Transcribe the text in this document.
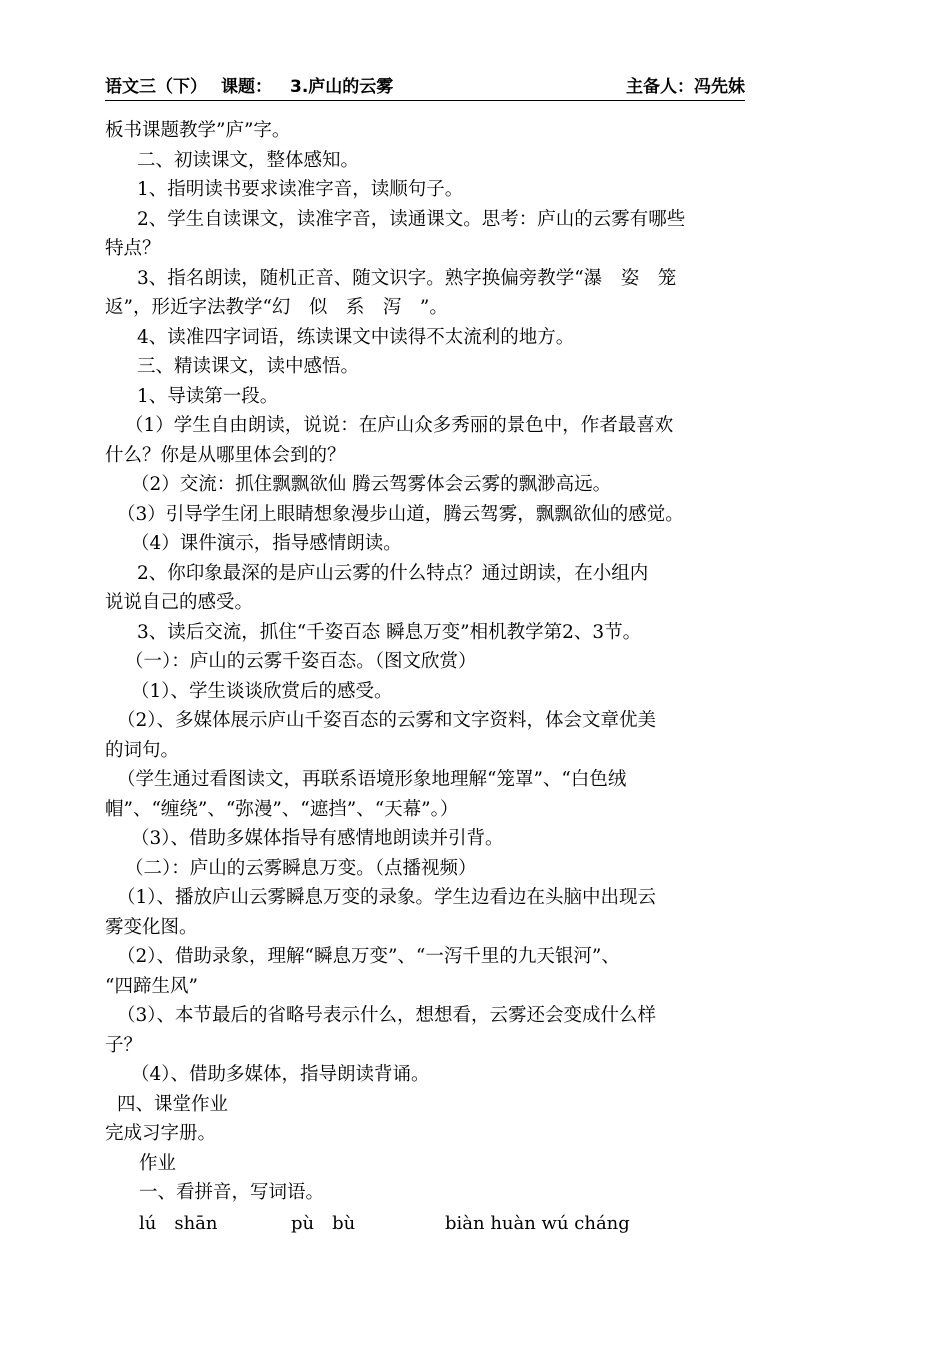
语文三（下） 课题： 3.庐山的云雾	主备人：冯先妹
板书课题教学”庐”字。
二、初读课文，整体感知。
1、指明读书要求读准字音，读顺句子。
2、学生自读课文，读准字音，读通课文。思考：庐山的云雾有哪些
特点？
3、指名朗读，随机正音、随文识字。熟字换偏旁教学“瀑　姿　笼
返”，形近字法教学“幻　似　系　泻　”。
4、读准四字词语，练读课文中读得不太流利的地方。
三、精读课文，读中感悟。
1、导读第一段。
（1）学生自由朗读，说说：在庐山众多秀丽的景色中，作者最喜欢
什么？你是从哪里体会到的？
（2）交流：抓住飘飘欲仙 腾云驾雾体会云雾的飘渺高远。
（3）引导学生闭上眼睛想象漫步山道，腾云驾雾，飘飘欲仙的感觉。
（4）课件演示，指导感情朗读。
2、你印象最深的是庐山云雾的什么特点？通过朗读，在小组内
说说自己的感受。
3、读后交流，抓住“千姿百态 瞬息万变”相机教学第2、3节。
（一）：庐山的云雾千姿百态。（图文欣赏）
（1）、学生谈谈欣赏后的感受。
（2）、多媒体展示庐山千姿百态的云雾和文字资料，体会文章优美
的词句。
（学生通过看图读文，再联系语境形象地理解“笼罩”、“白色绒
帽”、“缠绕”、“弥漫”、“遮挡”、“天幕”。）
（3）、借助多媒体指导有感情地朗读并引背。
（二）：庐山的云雾瞬息万变。（点播视频）
（1）、播放庐山云雾瞬息万变的录象。学生边看边在头脑中出现云
雾变化图。
（2）、借助录象，理解“瞬息万变”、“一泻千里的九天银河”、
“四蹄生风”
（3）、本节最后的省略号表示什么，想想看，云雾还会变成什么样
子？
（4）、借助多媒体，指导朗读背诵。
四、课堂作业
完成习字册。
作业
一、看拼音，写词语。
lú　shān	pù　bù	biàn huàn wú cháng
